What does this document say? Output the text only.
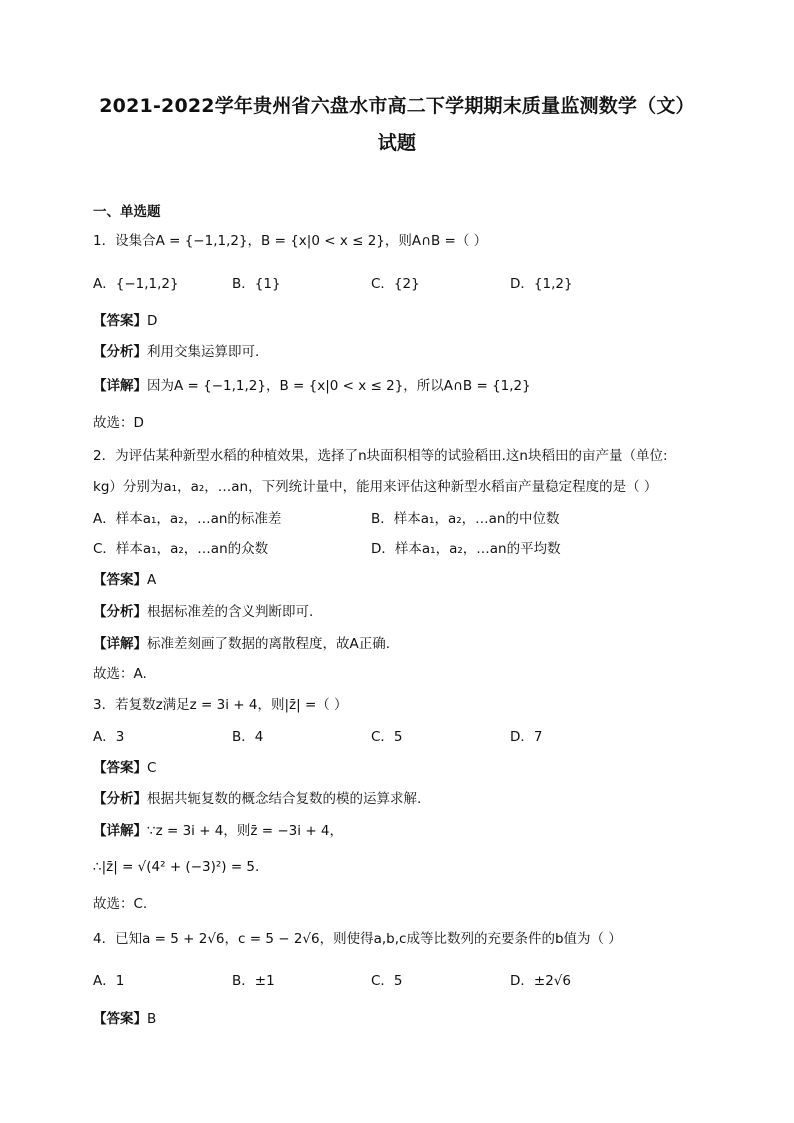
2021-2022学年贵州省六盘水市高二下学期期末质量监测数学（文）
试题
一、单选题
1．设集合A = {−1,1,2}，B = {x|0 < x ≤ 2}，则A∩B =（ ）
A．{−1,1,2}	B．{1}	C．{2}	D．{1,2}
【答案】D
【分析】利用交集运算即可.
【详解】因为A = {−1,1,2}，B = {x|0 < x ≤ 2}，所以A∩B = {1,2}
故选：D
2．为评估某种新型水稻的种植效果，选择了n块面积相等的试验稻田.这n块稻田的亩产量（单位:
kg）分别为a₁，a₂，…an，下列统计量中，能用来评估这种新型水稻亩产量稳定程度的是（ ）
A．样本a₁，a₂，…an的标准差	B．样本a₁，a₂，…an的中位数
C．样本a₁，a₂，…an的众数	D．样本a₁，a₂，…an的平均数
【答案】A
【分析】根据标准差的含义判断即可.
【详解】标准差刻画了数据的离散程度，故A正确.
故选：A.
3．若复数z满足z = 3i + 4，则|z̄| =（ ）
A．3	B．4	C．5	D．7
【答案】C
【分析】根据共轭复数的概念结合复数的模的运算求解.
【详解】∵z = 3i + 4，则z̄ = −3i + 4，
∴|z̄| = √(4² + (−3)²) = 5.
故选：C.
4．已知a = 5 + 2√6，c = 5 − 2√6，则使得a,b,c成等比数列的充要条件的b值为（ ）
A．1	B．±1	C．5	D．±2√6
【答案】B
